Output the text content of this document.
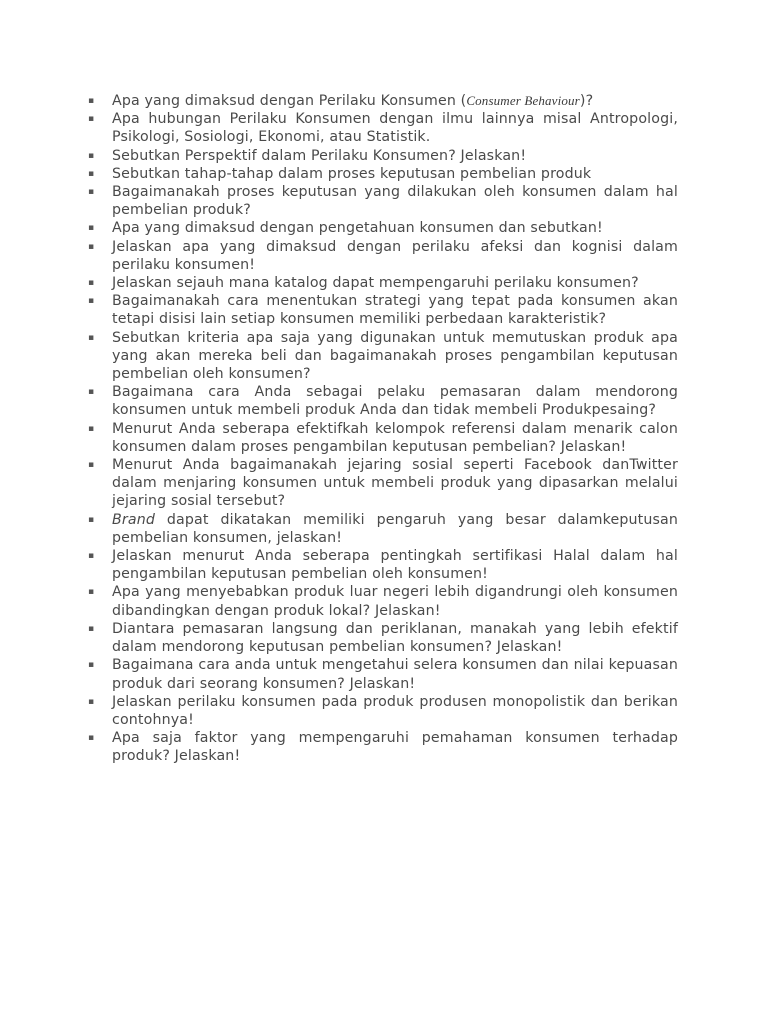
▪	Apa yang dimaksud dengan Perilaku Konsumen (Consumer Behaviour)?
▪	Apa hubungan Perilaku Konsumen dengan ilmu lainnya misal Antropologi, Psikologi, Sosiologi, Ekonomi, atau Statistik.
▪	Sebutkan Perspektif dalam Perilaku Konsumen? Jelaskan!
▪	Sebutkan tahap-tahap dalam proses keputusan pembelian produk
▪	Bagaimanakah proses keputusan yang dilakukan oleh konsumen dalam hal pembelian produk?
▪	Apa yang dimaksud dengan pengetahuan konsumen dan sebutkan!
▪	Jelaskan apa yang dimaksud dengan perilaku afeksi dan kognisi dalam perilaku konsumen!
▪	Jelaskan sejauh mana katalog dapat mempengaruhi perilaku konsumen?
▪	Bagaimanakah cara menentukan strategi yang tepat pada konsumen akan tetapi disisi lain setiap konsumen memiliki perbedaan karakteristik?
▪	Sebutkan kriteria apa saja yang digunakan untuk memutuskan produk apa yang akan mereka beli dan bagaimanakah proses pengambilan keputusan pembelian oleh konsumen?
▪	Bagaimana cara Anda sebagai pelaku pemasaran dalam mendorong konsumen untuk membeli produk Anda dan tidak membeli Produkpesaing?
▪	Menurut Anda seberapa efektifkah kelompok referensi dalam menarik calon konsumen dalam proses pengambilan keputusan pembelian? Jelaskan!
▪	Menurut Anda bagaimanakah jejaring sosial seperti Facebook danTwitter dalam menjaring konsumen untuk membeli produk yang dipasarkan melalui jejaring sosial tersebut?
▪	Brand dapat dikatakan memiliki pengaruh yang besar dalamkeputusan pembelian konsumen, jelaskan!
▪	Jelaskan menurut Anda seberapa pentingkah sertifikasi Halal dalam hal pengambilan keputusan pembelian oleh konsumen!
▪	Apa yang menyebabkan produk luar negeri lebih digandrungi oleh konsumen dibandingkan dengan produk lokal? Jelaskan!
▪	Diantara pemasaran langsung dan periklanan, manakah yang lebih efektif dalam mendorong keputusan pembelian konsumen? Jelaskan!
▪	Bagaimana cara anda untuk mengetahui selera konsumen dan nilai kepuasan produk dari seorang konsumen? Jelaskan!
▪	Jelaskan perilaku konsumen pada produk produsen monopolistik dan berikan contohnya!
▪	Apa saja faktor yang mempengaruhi pemahaman konsumen terhadap produk? Jelaskan!
